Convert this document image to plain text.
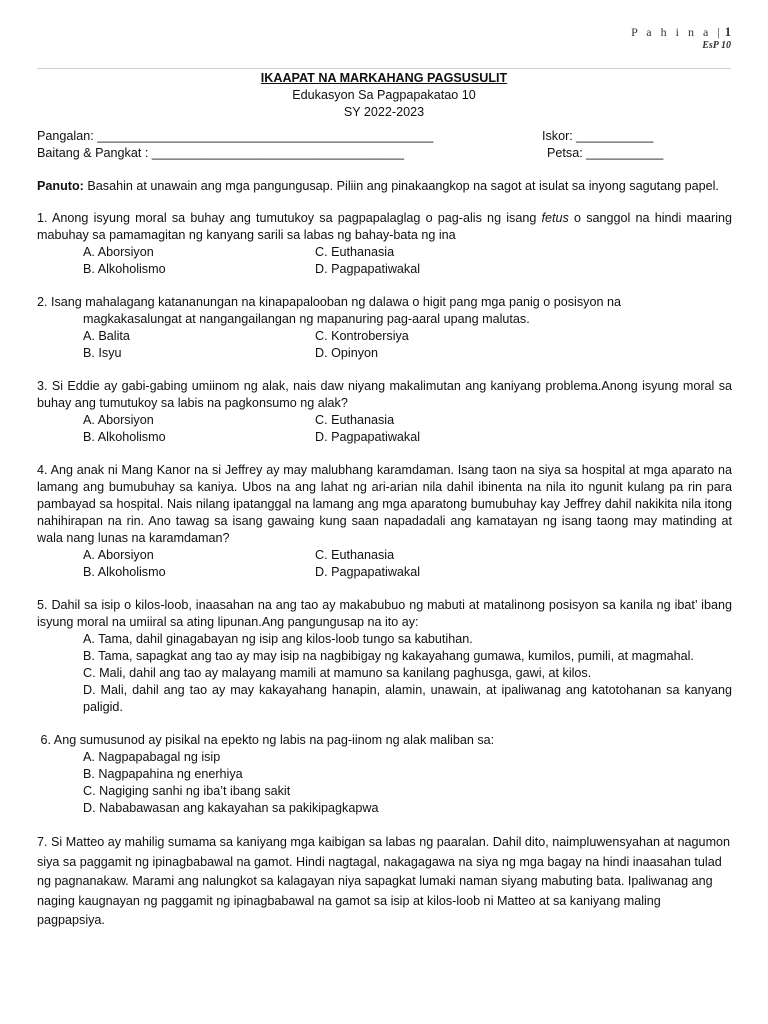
P a h i n a | 1
EsP 10
IKAAPAT NA MARKAHANG PAGSUSULIT
Edukasyon Sa Pagpapakatao 10
SY 2022-2023
Pangalan: ________________________________________________	Iskor: ___________
Baitang & Pangkat : ____________________________________	Petsa: ___________
Panuto: Basahin at unawain ang mga pangungusap. Piliin ang pinakaangkop na sagot at isulat sa inyong sagutang papel.
1. Anong isyung moral sa buhay ang tumutukoy sa pagpapalaglag o pag-alis ng isang fetus o sanggol na hindi maaring mabuhay sa pamamagitan ng kanyang sarili sa labas ng bahay-bata ng ina
A. Aborsiyon	C. Euthanasia
B. Alkoholismo	D. Pagpapatiwakal
2. Isang mahalagang katananungan na kinapapalooban ng dalawa o higit pang mga panig o posisyon na
magkakasalungat at nangangailangan ng mapanuring pag-aaral upang malutas.
A. Balita	C. Kontrobersiya
B. Isyu	D. Opinyon
3. Si Eddie ay gabi-gabing umiinom ng alak, nais daw niyang makalimutan ang kaniyang problema.Anong isyung moral sa buhay ang tumutukoy sa labis na pagkonsumo ng alak?
A. Aborsiyon	C. Euthanasia
B. Alkoholismo	D. Pagpapatiwakal
4. Ang anak ni Mang Kanor na si Jeffrey ay may malubhang karamdaman. Isang taon na siya sa hospital at mga aparato na lamang ang bumubuhay sa kaniya. Ubos na ang lahat ng ari-arian nila dahil ibinenta na nila ito ngunit kulang pa rin para pambayad sa hospital. Nais nilang ipatanggal na lamang ang mga aparatong bumubuhay kay Jeffrey dahil nakikita nila itong nahihirapan na rin. Ano tawag sa isang gawaing kung saan napadadali ang kamatayan ng isang taong may matinding at wala nang lunas na karamdaman?
A. Aborsiyon	C. Euthanasia
B. Alkoholismo	D. Pagpapatiwakal
5. Dahil sa isip o kilos-loob, inaasahan na ang tao ay makabubuo ng mabuti at matalinong posisyon sa kanila ng ibat’ ibang isyung moral na umiiral sa ating lipunan.Ang pangungusap na ito ay:
A. Tama, dahil ginagabayan ng isip ang kilos-loob tungo sa kabutihan.
B. Tama, sapagkat ang tao ay may isip na nagbibigay ng kakayahang gumawa, kumilos, pumili, at magmahal.
C. Mali, dahil ang tao ay malayang mamili at mamuno sa kanilang paghusga, gawi, at kilos.
D. Mali, dahil ang tao ay may kakayahang hanapin, alamin, unawain, at ipaliwanag ang katotohanan sa kanyang paligid.
6. Ang sumusunod ay pisikal na epekto ng labis na pag-iinom ng alak maliban sa:
A. Nagpapabagal ng isip
B. Nagpapahina ng enerhiya
C. Nagiging sanhi ng iba’t ibang sakit
D. Nababawasan ang kakayahan sa pakikipagkapwa

7. Si Matteo ay mahilig sumama sa kaniyang mga kaibigan sa labas ng paaralan. Dahil dito, naimpluwensyahan at nagumon siya sa paggamit ng ipinagbabawal na gamot. Hindi nagtagal, nakagagawa na siya ng mga bagay na hindi inaasahan tulad ng pagnanakaw. Marami ang nalungkot sa kalagayan niya sapagkat lumaki naman siyang mabuting bata. Ipaliwanag ang naging kaugnayan ng paggamit ng ipinagbabawal na gamot sa isip at kilos-loob ni Matteo at sa kaniyang maling pagpapsiya.
